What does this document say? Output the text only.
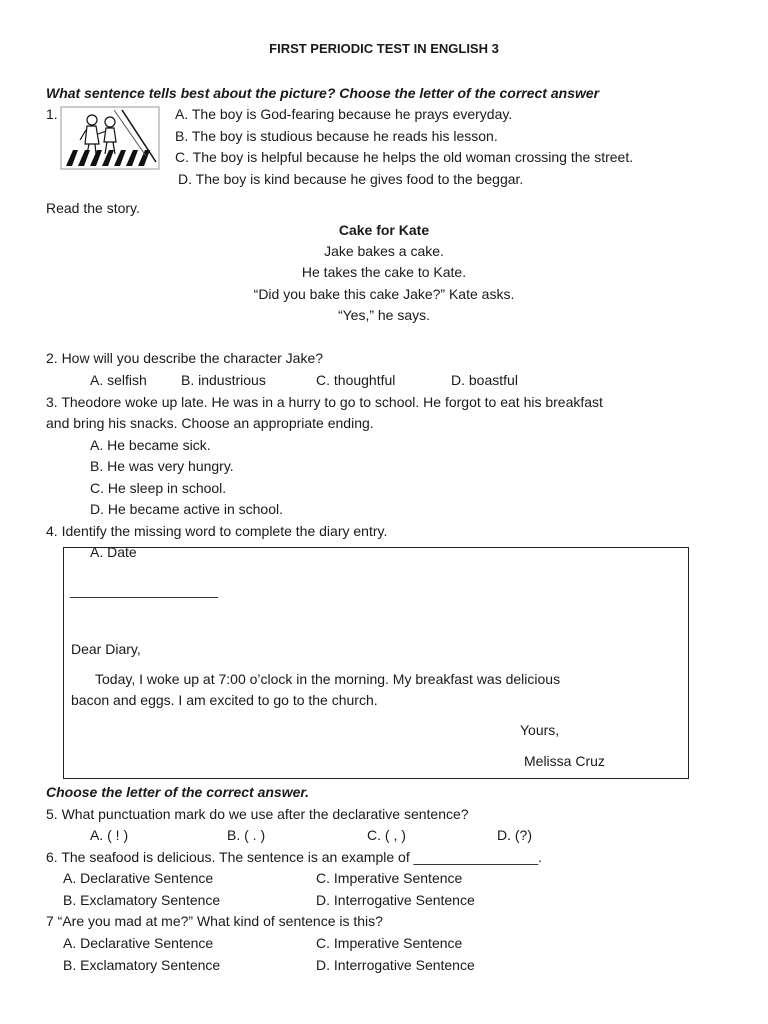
FIRST PERIODIC TEST IN ENGLISH 3
What sentence tells best about the picture? Choose the letter of the correct answer
1.	A. The boy is God-fearing because he prays everyday.
B. The boy is studious because he reads his lesson.
C. The boy is helpful because he helps the old woman crossing the street.
D. The boy is kind because he gives food to the beggar.
Read the story.
Cake for Kate
Jake bakes a cake.
He takes the cake to Kate.
“Did you bake this cake Jake?” Kate asks.
“Yes,” he says.
2. How will you describe the character Jake?
A. selfish B. industrious	C. thoughtful	D. boastful
3. Theodore woke up late. He was in a hurry to go to school. He forgot to eat his breakfast
and bring his snacks. Choose an appropriate ending.
A. He became sick.
B. He was very hungry.
C. He sleep in school.
D. He became active in school.
4. Identify the missing word to complete the diary entry.
A. Date
___________________
Dear Diary,
Today, I woke up at 7:00 o’clock in the morning. My breakfast was delicious
bacon and eggs. I am excited to go to the church.
Yours,
Melissa Cruz
Choose the letter of the correct answer.
5. What punctuation mark do we use after the declarative sentence?
A. ( ! )	B. ( . )	C. ( , )	D. (?)
6. The seafood is delicious. The sentence is an example of ________________.
A. Declarative Sentence	C. Imperative Sentence
B. Exclamatory Sentence	D. Interrogative Sentence
7 “Are you mad at me?” What kind of sentence is this?
A. Declarative Sentence	C. Imperative Sentence
B. Exclamatory Sentence	D. Interrogative Sentence
